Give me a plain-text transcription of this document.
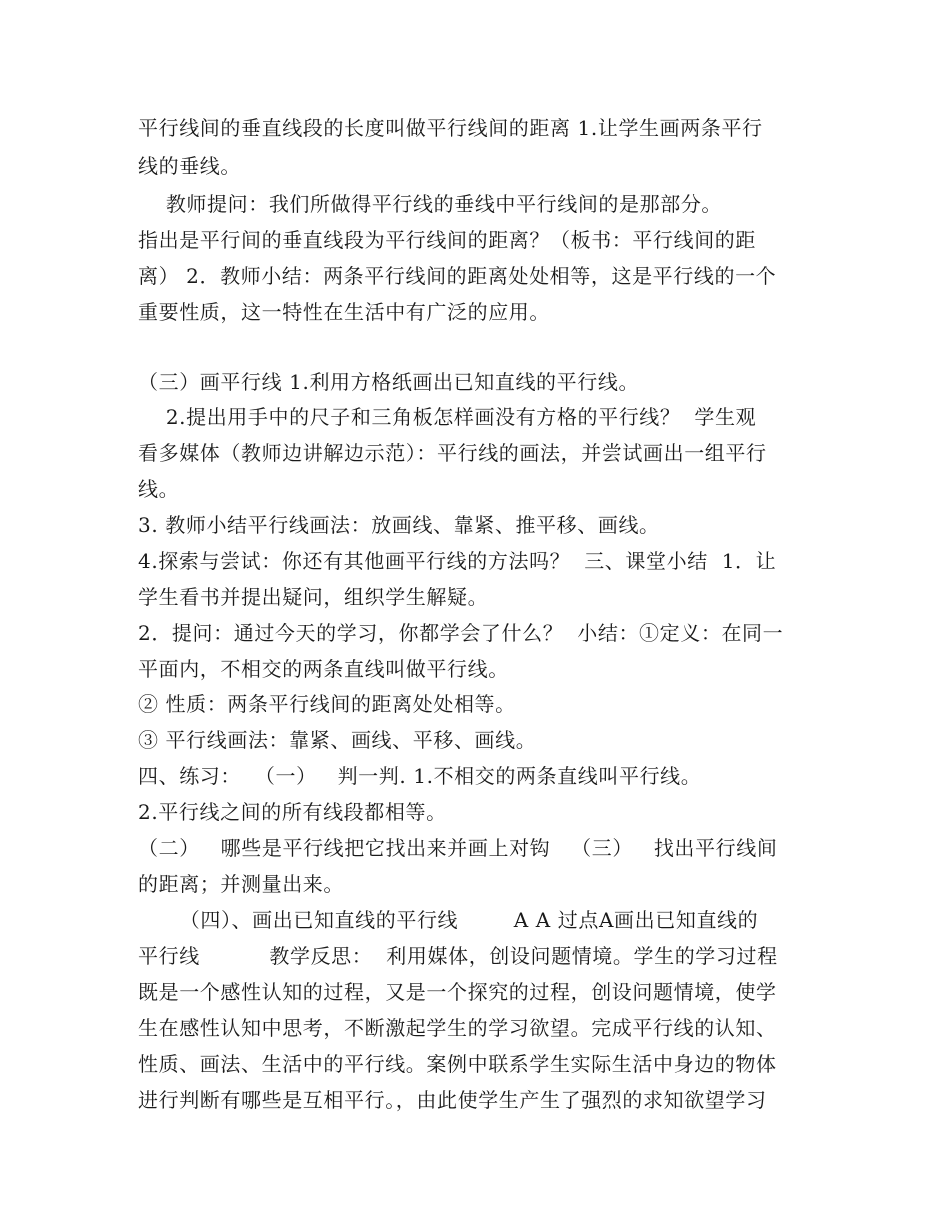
平行线间的垂直线段的长度叫做平行线间的距离 1.让学生画两条平行
线的垂线。
教师提问：我们所做得平行线的垂线中平行线间的是那部分。
指出是平行间的垂直线段为平行线间的距离？（板书：平行线间的距
离） 2．教师小结：两条平行线间的距离处处相等，这是平行线的一个
重要性质，这一特性在生活中有广泛的应用。
（三）画平行线 1.利用方格纸画出已知直线的平行线。
2.提出用手中的尺子和三角板怎样画没有方格的平行线？  学生观
看多媒体（教师边讲解边示范）：平行线的画法，并尝试画出一组平行
线。
3. 教师小结平行线画法：放画线、靠紧、推平移、画线。
4.探索与尝试：你还有其他画平行线的方法吗？  三、课堂小结  1．让
学生看书并提出疑问，组织学生解疑。
2．提问：通过今天的学习，你都学会了什么？  小结：①定义：在同一
平面内，不相交的两条直线叫做平行线。
② 性质：两条平行线间的距离处处相等。
③ 平行线画法：靠紧、画线、平移、画线。
四、练习：  （一）   判一判. 1.不相交的两条直线叫平行线。
2.平行线之间的所有线段都相等。
（二）   哪些是平行线把它找出来并画上对钩   （三）   找出平行线间
的距离；并测量出来。
（四）、画出已知直线的平行线        A A 过点A画出已知直线的
平行线          教学反思：  利用媒体，创设问题情境。学生的学习过程
既是一个感性认知的过程，又是一个探究的过程，创设问题情境，使学
生在感性认知中思考，不断激起学生的学习欲望。完成平行线的认知、
性质、画法、生活中的平行线。案例中联系学生实际生活中身边的物体
进行判断有哪些是互相平行。，由此使学生产生了强烈的求知欲望学习
